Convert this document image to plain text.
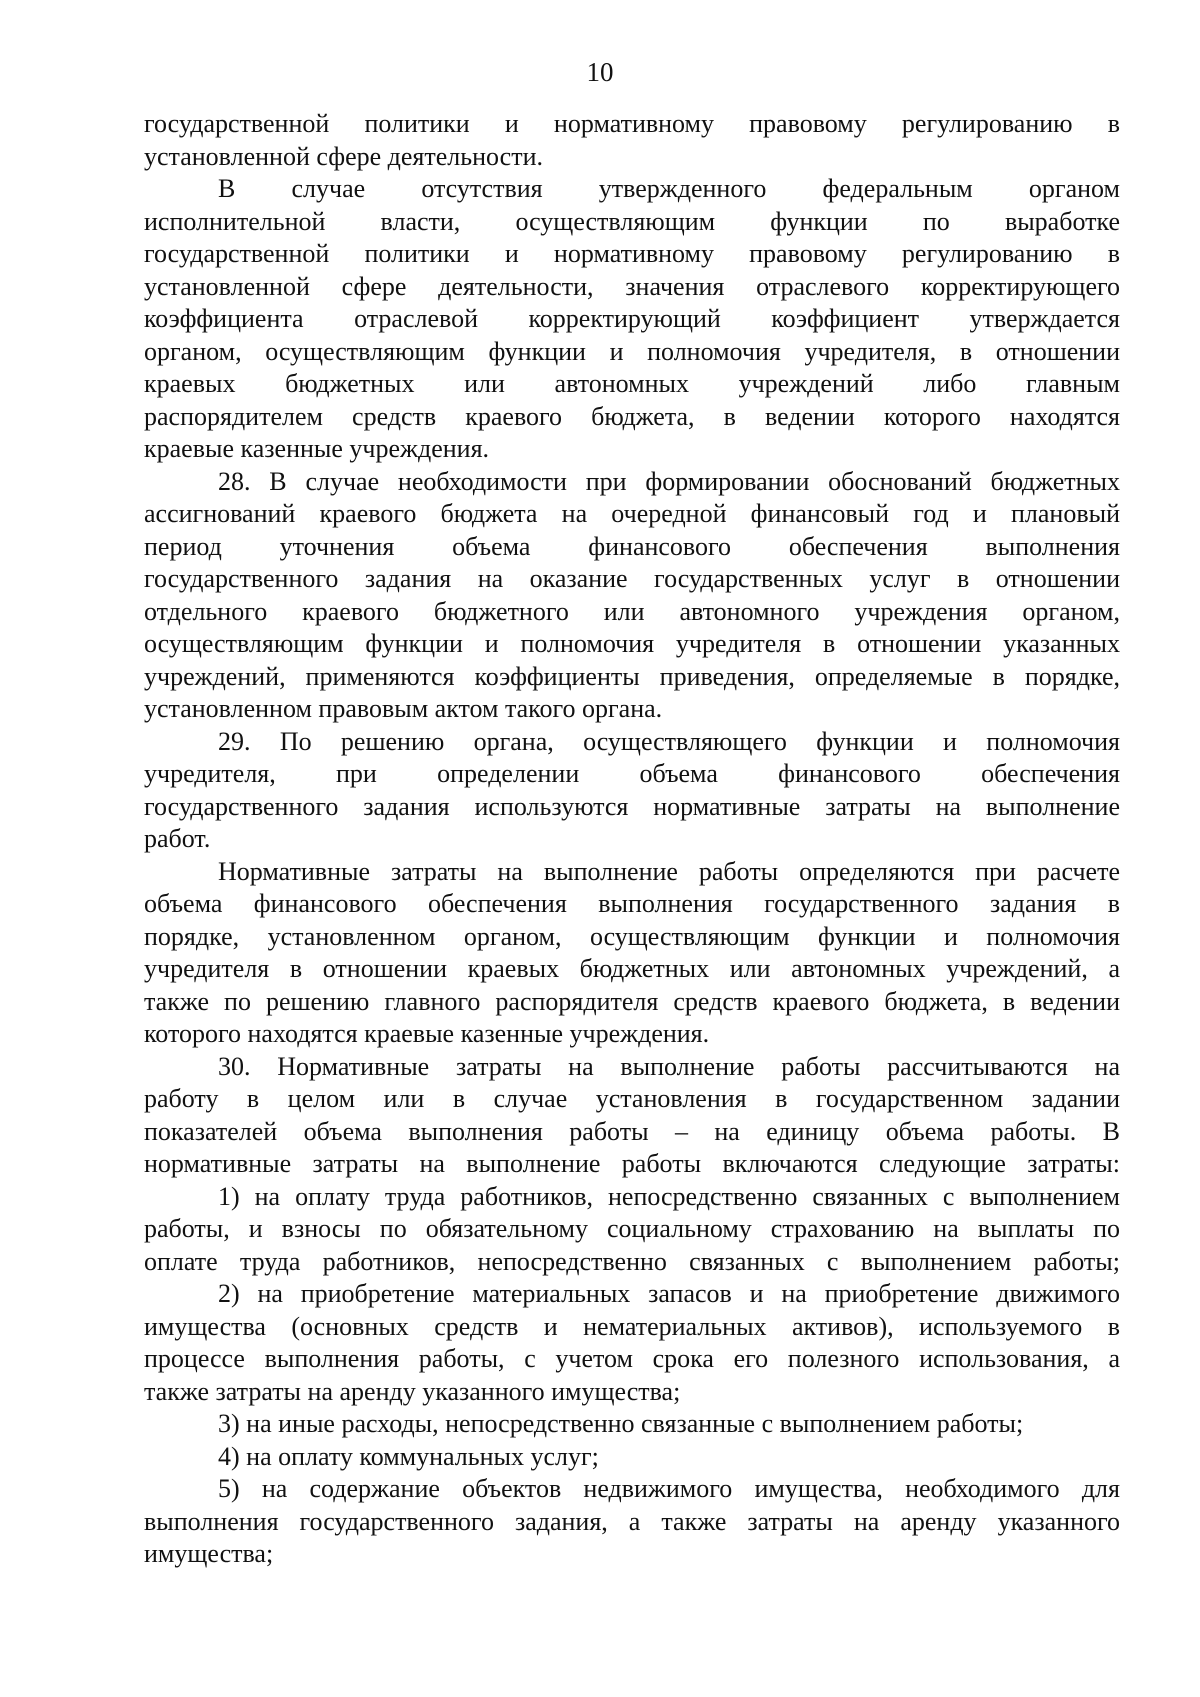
10
государственной политики и нормативному правовому регулированию в
установленной сфере деятельности.
В случае отсутствия утвержденного федеральным органом
исполнительной власти, осуществляющим функции по выработке
государственной политики и нормативному правовому регулированию в
установленной сфере деятельности, значения отраслевого корректирующего
коэффициента отраслевой корректирующий коэффициент утверждается
органом, осуществляющим функции и полномочия учредителя, в отношении
краевых бюджетных или автономных учреждений либо главным
распорядителем средств краевого бюджета, в ведении которого находятся
краевые казенные учреждения.
28. В случае необходимости при формировании обоснований бюджетных
ассигнований краевого бюджета на очередной финансовый год и плановый
период уточнения объема финансового обеспечения выполнения
государственного задания на оказание государственных услуг в отношении
отдельного краевого бюджетного или автономного учреждения органом,
осуществляющим функции и полномочия учредителя в отношении указанных
учреждений, применяются коэффициенты приведения, определяемые в порядке,
установленном правовым актом такого органа.
29. По решению органа, осуществляющего функции и полномочия
учредителя, при определении объема финансового обеспечения
государственного задания используются нормативные затраты на выполнение
работ.
Нормативные затраты на выполнение работы определяются при расчете
объема финансового обеспечения выполнения государственного задания в
порядке, установленном органом, осуществляющим функции и полномочия
учредителя в отношении краевых бюджетных или автономных учреждений, а
также по решению главного распорядителя средств краевого бюджета, в ведении
которого находятся краевые казенные учреждения.
30. Нормативные затраты на выполнение работы рассчитываются на
работу в целом или в случае установления в государственном задании
показателей объема выполнения работы – на единицу объема работы. В
нормативные затраты на выполнение работы включаются следующие затраты:
1) на оплату труда работников, непосредственно связанных с выполнением
работы, и взносы по обязательному социальному страхованию на выплаты по
оплате труда работников, непосредственно связанных с выполнением работы;
2) на приобретение материальных запасов и на приобретение движимого
имущества (основных средств и нематериальных активов), используемого в
процессе выполнения работы, с учетом срока его полезного использования, а
также затраты на аренду указанного имущества;
3) на иные расходы, непосредственно связанные с выполнением работы;
4) на оплату коммунальных услуг;
5) на содержание объектов недвижимого имущества, необходимого для
выполнения государственного задания, а также затраты на аренду указанного
имущества;
